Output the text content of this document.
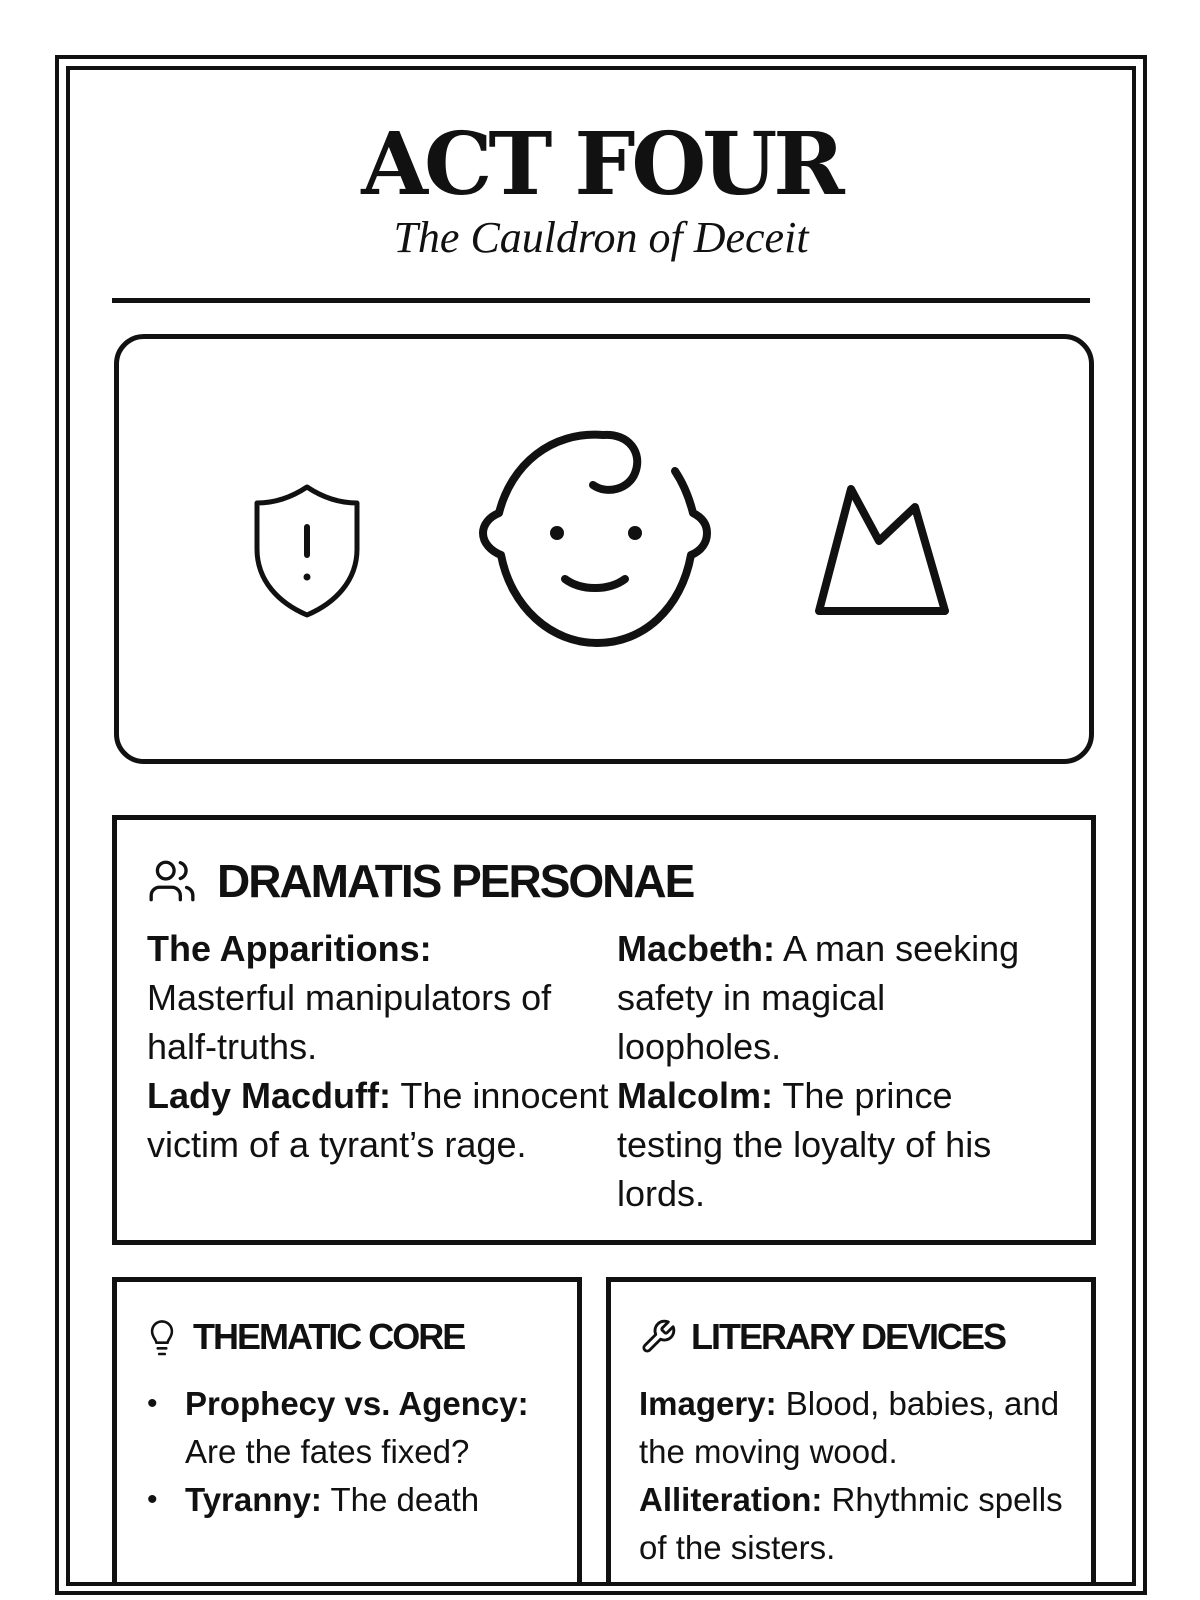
ACT FOUR
The Cauldron of Deceit
DRAMATIS PERSONAE
The Apparitions:
Masterful manipulators of half-truths.
Lady Macduff: The innocent victim of a tyrant’s rage.
Macbeth: A man seeking safety in magical loopholes.
Malcolm: The prince testing the loyalty of his lords.
THEMATIC CORE
• Prophecy vs. Agency: Are the fates fixed?
• Tyranny: The death
LITERARY DEVICES
Imagery: Blood, babies, and the moving wood.
Alliteration: Rhythmic spells of the sisters.
